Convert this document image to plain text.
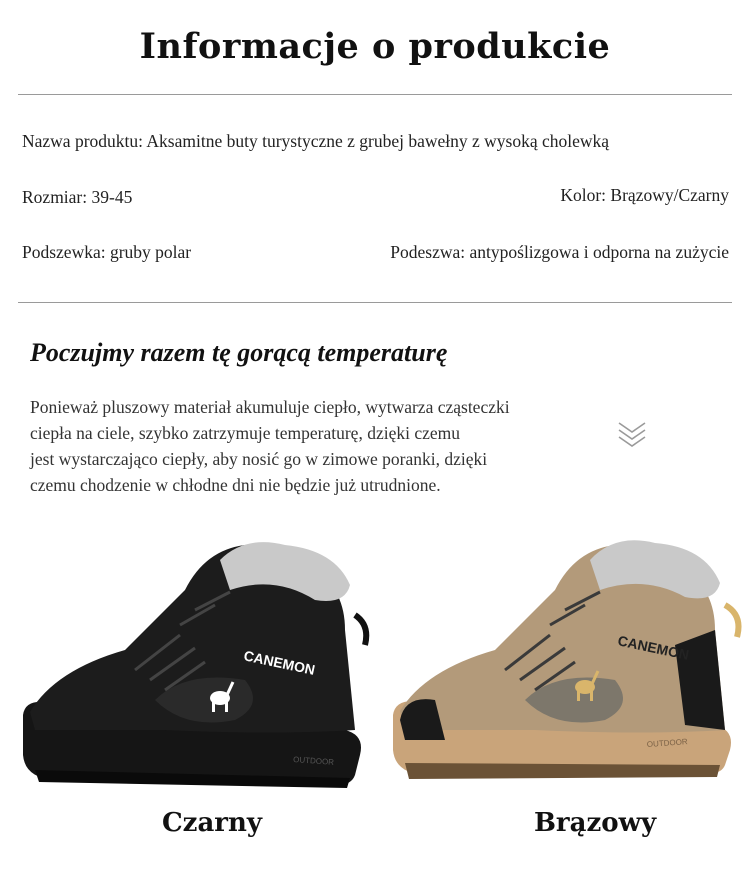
Informacje o produkcie
Nazwa produktu: Aksamitne buty turystyczne z grubej bawełny z wysoką cholewką
Rozmiar: 39-45	Kolor: Brązowy/Czarny
Podszewka: gruby polar	Podeszwa: antypoślizgowa i odporna na zużycie
Poczujmy razem tę gorącą temperaturę
Ponieważ pluszowy materiał akumuluje ciepło, wytwarza cząsteczki
ciepła na ciele, szybko zatrzymuje temperaturę, dzięki czemu
jest wystarczająco ciepły, aby nosić go w zimowe poranki, dzięki
czemu chodzenie w chłodne dni nie będzie już utrudnione.
CANEMON
OUTDOOR
CANEMON
OUTDOOR
Czarny	Brązowy
